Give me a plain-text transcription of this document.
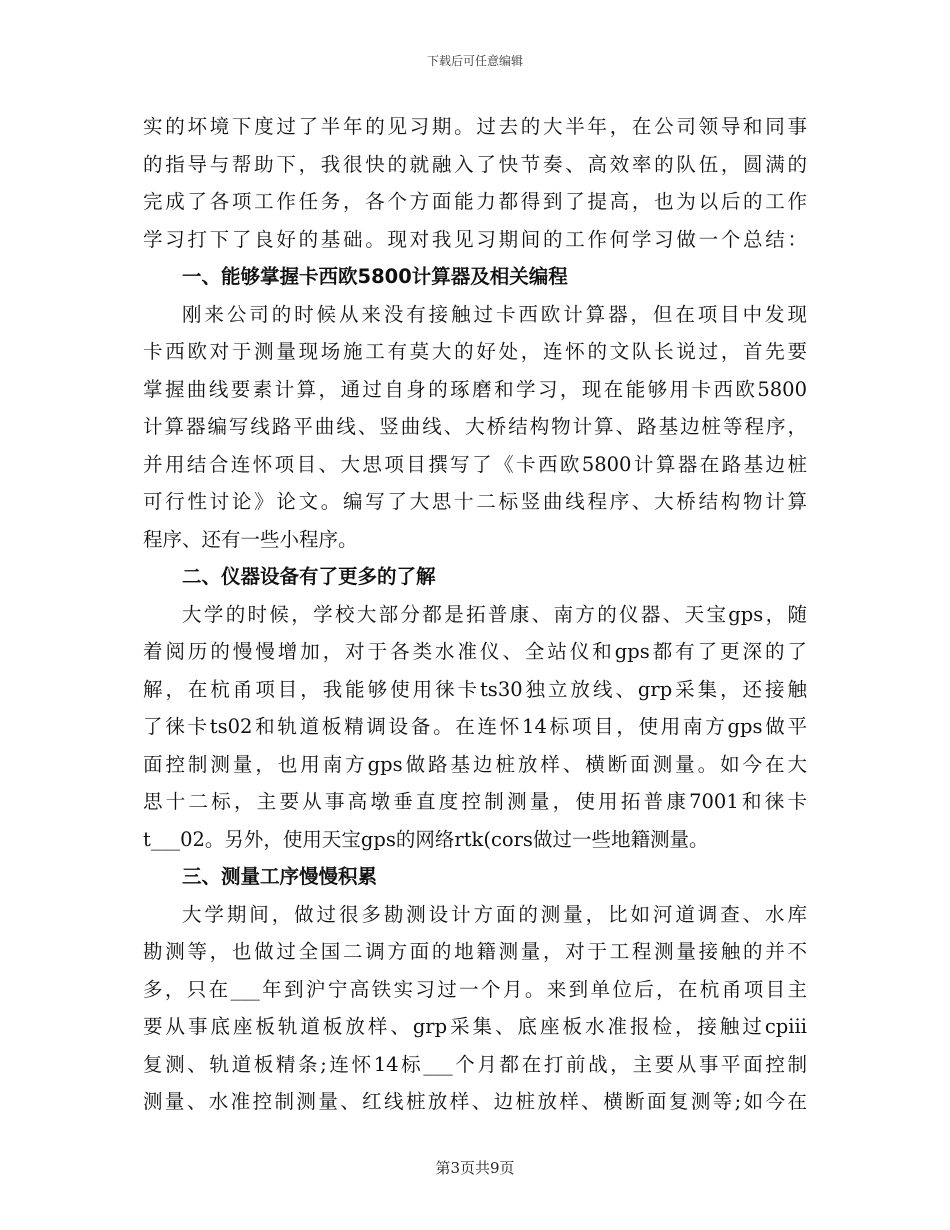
下载后可任意编辑
实的坏境下度过了半年的见习期。过去的大半年，在公司领导和同事
的指导与帮助下，我很快的就融入了快节奏、高效率的队伍，圆满的
完成了各项工作任务，各个方面能力都得到了提高，也为以后的工作
学习打下了良好的基础。现对我见习期间的工作何学习做一个总结：
一、能够掌握卡西欧5800计算器及相关编程
刚来公司的时候从来没有接触过卡西欧计算器，但在项目中发现
卡西欧对于测量现场施工有莫大的好处，连怀的文队长说过，首先要
掌握曲线要素计算，通过自身的琢磨和学习，现在能够用卡西欧5800
计算器编写线路平曲线、竖曲线、大桥结构物计算、路基边桩等程序，
并用结合连怀项目、大思项目撰写了《卡西欧5800计算器在路基边桩
可行性讨论》论文。编写了大思十二标竖曲线程序、大桥结构物计算
程序、还有一些小程序。
二、仪器设备有了更多的了解
大学的时候，学校大部分都是拓普康、南方的仪器、天宝gps，随
着阅历的慢慢增加，对于各类水准仪、全站仪和gps都有了更深的了
解，在杭甬项目，我能够使用徕卡ts30独立放线、grp采集，还接触
了徕卡ts02和轨道板精调设备。在连怀14标项目，使用南方gps做平
面控制测量，也用南方gps做路基边桩放样、横断面测量。如今在大
思十二标，主要从事高墩垂直度控制测量，使用拓普康7001和徕卡
t___02。另外，使用天宝gps的网络rtk(cors做过一些地籍测量。
三、测量工序慢慢积累
大学期间，做过很多勘测设计方面的测量，比如河道调查、水库
勘测等，也做过全国二调方面的地籍测量，对于工程测量接触的并不
多，只在___年到沪宁高铁实习过一个月。来到单位后，在杭甬项目主
要从事底座板轨道板放样、grp采集、底座板水准报检，接触过cpiii
复测、轨道板精条;连怀14标___个月都在打前战，主要从事平面控制
测量、水准控制测量、红线桩放样、边桩放样、横断面复测等;如今在
第3页共9页
